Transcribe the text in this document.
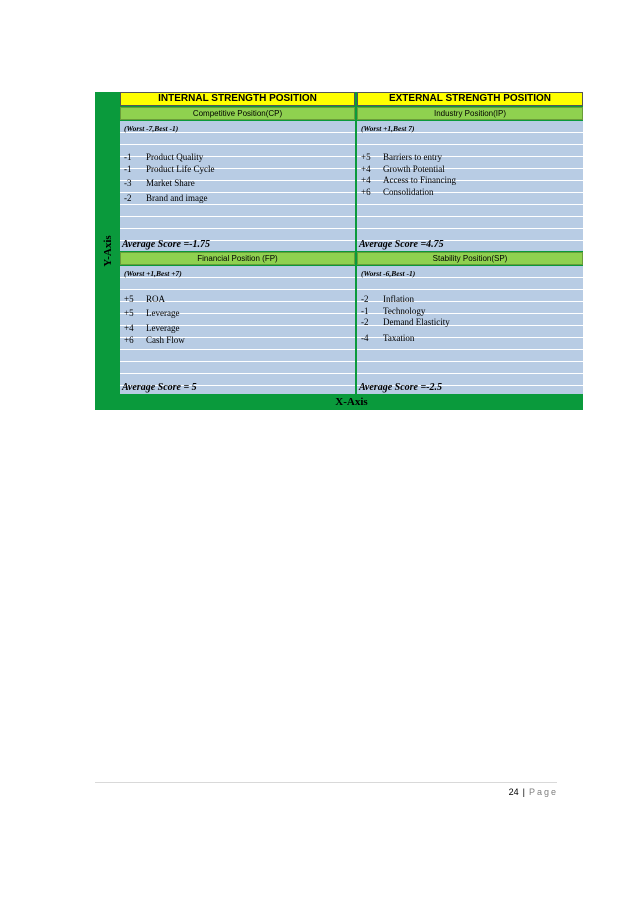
Y-Axis
INTERNAL STRENGTH POSITION	EXTERNAL STRENGTH POSITION
Competitive Position(CP)
(Worst -7,Best -1)
-1 Product Quality
-1 Product Life Cycle
-3 Market Share
-2 Brand and image
Average Score =-1.75
Industry Position(IP)
(Worst +1,Best 7)
+5 Barriers to entry
+4 Growth Potential
+4 Access to Financing
+6 Consolidation
Average Score =4.75
Financial Position (FP)
(Worst +1,Best +7)
+5 ROA
+5 Leverage
+4 Leverage
+6 Cash Flow
Average Score = 5
Stability Position(SP)
(Worst -6,Best -1)
-2 Inflation
-1 Technology
-2 Demand Elasticity
-4 Taxation
Average Score =-2.5
X-Axis
24 | Page
